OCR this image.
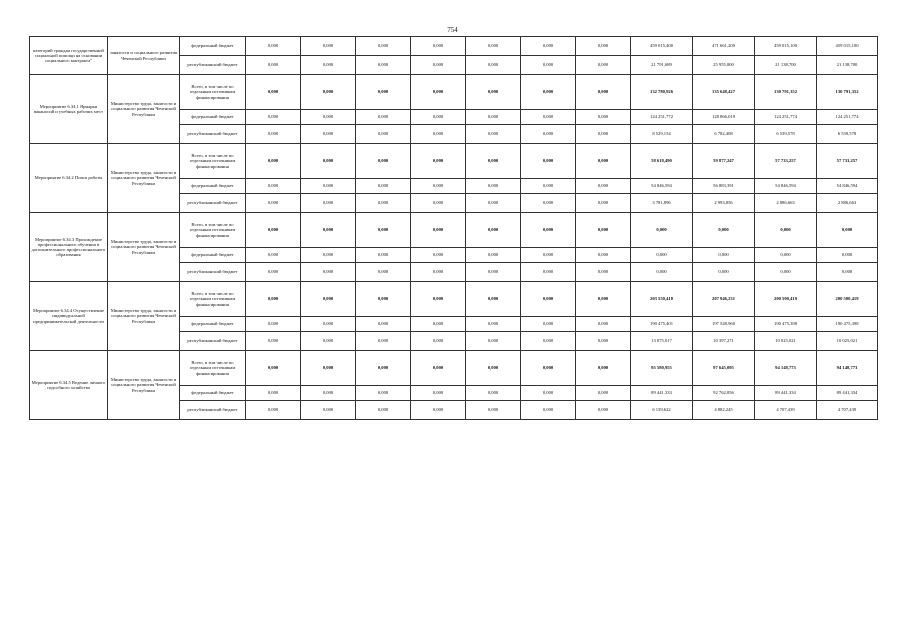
754
категорий граждан государственной социальной помощи на основании социального контракта"	занятости и социального развития Чеченской Республики	федеральный бюджет	0,000	0,000	0,000	0,000	0,000	0,000	0,000	459 015,400	471 661,200	459 015,100	459 015,100
		республиканский бюджет	0,000	0,000	0,000	0,000	0,000	0,000	0,000	21 791,689	25 955,800	21 138,700	21 138,700
Мероприятие 6.34.1 Ярмарки ваканосий и учебных рабочих мест	Министерство труда, занятости и социального развития Чеченской Республики	Всего, в том числе по отдельным источникам финансирования	0,000	0,000	0,000	0,000	0,000	0,000	0,000	132 780,926	135 648,427	130 791,352	130 791,352
		федеральный бюджет	0,000	0,000	0,000	0,000	0,000	0,000	0,000	124 251,772	128 866,019	124 251,774	124 251,774
		республиканский бюджет	0,000	0,000	0,000	0,000	0,000	0,000	0,000	8 529,154	6 782,408	6 539,578	6 539,578
Мероприятие 6.34.2 Поиск работы	Министерство труда, занятости и социального развития Чеченской Республики	Всего, в том числе по отдельным источникам финансирования	0,000	0,000	0,000	0,000	0,000	0,000	0,000	58 618,490	59 877,247	57 733,257	57 733,257
		федеральный бюджет	0,000	0,000	0,000	0,000	0,000	0,000	0,000	54 846,594	56 883,391	54 846,594	54 846,594
		республиканский бюджет	0,000	0,000	0,000	0,000	0,000	0,000	0,000	3 781,896	2 993,856	2 886,663	2 886,663
Мероприятие 6.34.3 Прохождение профессионального обучения и дополнительного профессионального образования	Министерство труда, занятости и социального развития Чеченской Республики	Всего, в том числе по отдельным источникам финансирования	0,000	0,000	0,000	0,000	0,000	0,000	0,000	0,000	0,000	0,000	0,000
		федеральный бюджет	0,000	0,000	0,000	0,000	0,000	0,000	0,000	0,000	0,000	0,000	0,000
		республиканский бюджет	0,000	0,000	0,000	0,000	0,000	0,000	0,000	0,000	0,000	0,000	0,000
Мероприятие 6.34.4 Осуществление индивидуальной предпринимательской деятельности	Министерство труда, занятости и социального развития Чеченской Республики	Всего, в том числе по отдельным источникам финансирования	0,000	0,000	0,000	0,000	0,000	0,000	0,000	203 550,418	207 946,231	200 500,419	200 500,419
		федеральный бюджет	0,000	0,000	0,000	0,000	0,000	0,000	0,000	190 475,401	197 548,960	190 475,398	190 475,398
		республиканский бюджет	0,000	0,000	0,000	0,000	0,000	0,000	0,000	13 075,017	10 397,271	10 025,021	10 025,021
Мероприятие 6.34.5 Ведение личного подсобного хозяйства	Министерство труда, занятости и социального развития Чеченской Республики	Всего, в том числе по отдельным источникам финансирования	0,000	0,000	0,000	0,000	0,000	0,000	0,000	95 580,955	97 645,095	94 148,773	94 148,773
		федеральный бюджет	0,000	0,000	0,000	0,000	0,000	0,000	0,000	89 441,333	92 762,856	89 441,334	89 441,334
		республиканский бюджет	0,000	0,000	0,000	0,000	0,000	0,000	0,000	6 139,622	4 882,245	4 707,439	4 707,439
